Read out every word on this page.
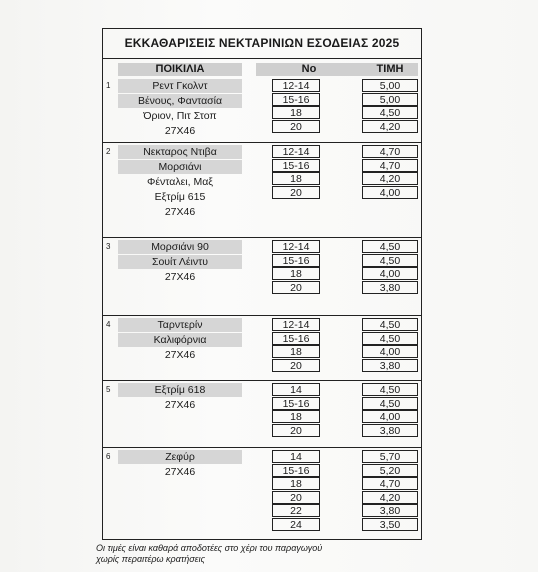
ΕΚΚΑΘΑΡΙΣΕΙΣ ΝΕΚΤΑΡΙΝΙΩΝ ΕΣΟΔΕΙΑΣ 2025
ΠΟΙΚΙΛΙΑ	No	ΤΙΜΗ
1	Ρεντ Γκολντ
Βένους, Φαντασία
Όριον, Πιτ Στοπ
27Χ46
12-14	5,00
15-16	5,00
18	4,50
20	4,20
2	Νεκταρος Ντιβα
Μορσιάνι
Φένταλει, Μαξ
Εξτρίμ 615
27Χ46
12-14	4,70
15-16	4,70
18	4,20
20	4,00
3	Μορσιάνι 90
Σουίτ Λέιντυ
27Χ46
12-14	4,50
15-16	4,50
18	4,00
20	3,80
4	Ταρντερίν
Καλιφόρνια
27Χ46
12-14	4,50
15-16	4,50
18	4,00
20	3,80
5	Εξτρίμ 618
27Χ46
14	4,50
15-16	4,50
18	4,00
20	3,80
6	Ζεφύρ
27Χ46
14	5,70
15-16	5,20
18	4,70
20	4,20
22	3,80
24	3,50
Οι τιμές είναι καθαρά αποδοτέες στο χέρι του παραγωγού
χωρίς περαιτέρω κρατήσεις
